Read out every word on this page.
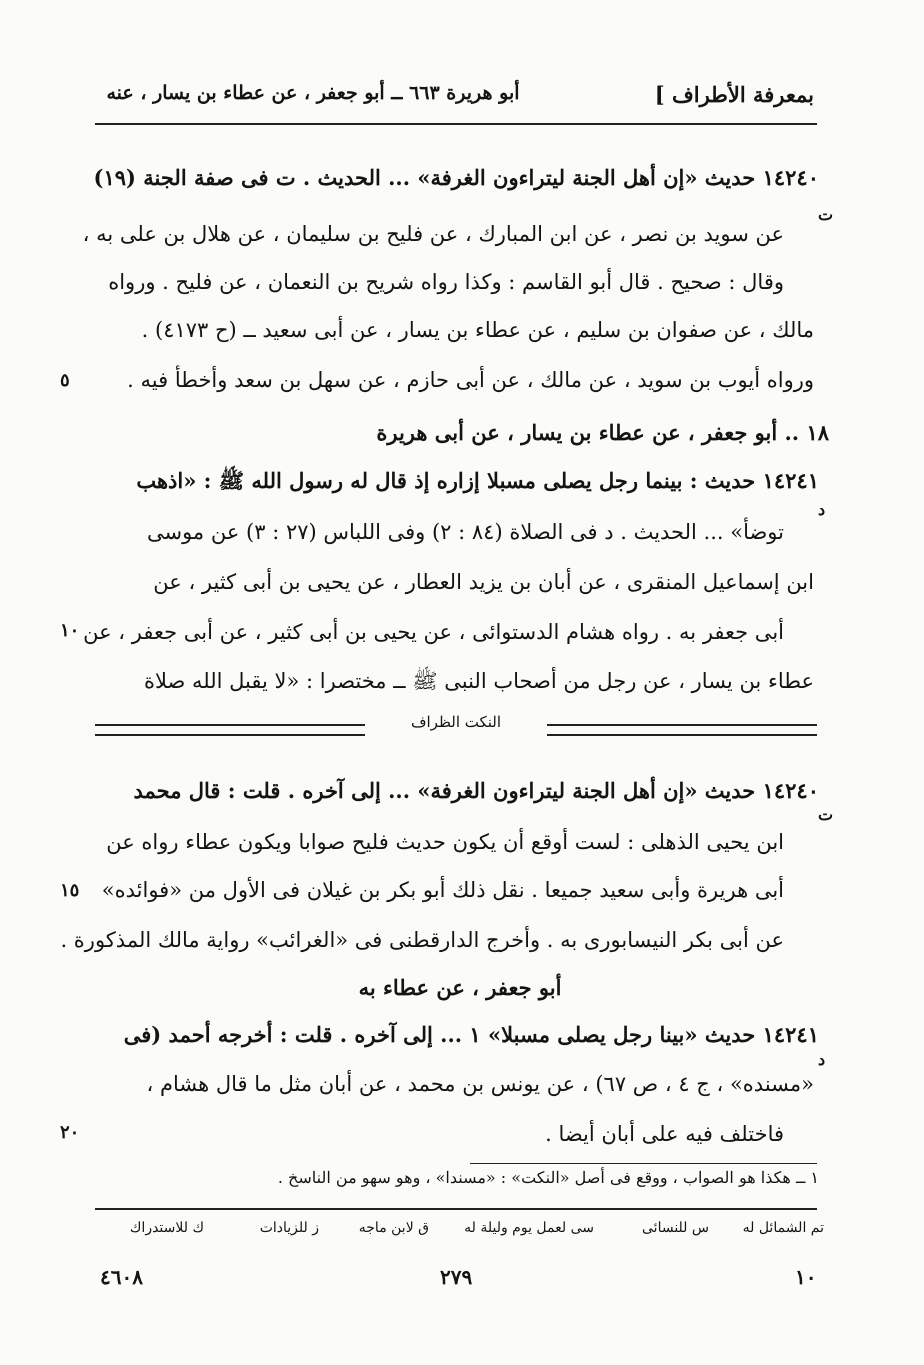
بمعرفة الأطراف ]
أبو هريرة ٦٦٣ ــ أبو جعفر ، عن عطاء بن يسار ، عنه
١٤٢٤٠ حديث «إن أهل الجنة ليتراءون الغرفة» ... الحديث . ت فى صفة الجنة (١٩)
عن سويد بن نصر ، عن ابن المبارك ، عن فليح بن سليمان ، عن هلال بن على به ،
وقال : صحيح . قال أبو القاسم : وكذا رواه شريح بن النعمان ، عن فليح . ورواه
مالك ، عن صفوان بن سليم ، عن عطاء بن يسار ، عن أبى سعيد ــ (ح ٤١٧٣) .
ورواه أيوب بن سويد ، عن مالك ، عن أبى حازم ، عن سهل بن سعد وأخطأ فيه .
١٨ .. أبو جعفر ، عن عطاء بن يسار ، عن أبى هريرة
١٤٢٤١ حديث : بينما رجل يصلى مسبلا إزاره إذ قال له رسول الله ﷺ : «اذهب
توضأ» ... الحديث . د فى الصلاة (٨٤ : ٢) وفى اللباس (٢٧ : ٣) عن موسى
ابن إسماعيل المنقرى ، عن أبان بن يزيد العطار ، عن يحيى بن أبى كثير ، عن
أبى جعفر به . رواه هشام الدستوائى ، عن يحيى بن أبى كثير ، عن أبى جعفر ، عن
عطاء بن يسار ، عن رجل من أصحاب النبى ﷺ ــ مختصرا : «لا يقبل الله صلاة
النكت الظراف
١٤٢٤٠ حديث «إن أهل الجنة ليتراءون الغرفة» ... إلى آخره . قلت : قال محمد
ابن يحيى الذهلى : لست أوقع أن يكون حديث فليح صوابا ويكون عطاء رواه عن
أبى هريرة وأبى سعيد جميعا . نقل ذلك أبو بكر بن غيلان فى الأول من «فوائده»
عن أبى بكر النيسابورى به . وأخرج الدارقطنى فى «الغرائب» رواية مالك المذكورة .
أبو جعفر ، عن عطاء به
١٤٢٤١ حديث «بينا رجل يصلى مسبلا» ١ ... إلى آخره . قلت : أخرجه أحمد (فى
«مسنده» ، ج ٤ ، ص ٦٧) ، عن يونس بن محمد ، عن أبان مثل ما قال هشام ،
فاختلف فيه على أبان أيضا .
١ ــ هكذا هو الصواب ، ووقع فى أصل «النكت» : «مسندا» ، وهو سهو من الناسخ .
تم الشمائل له
س للنسائى
سى لعمل يوم وليلة له
ق لابن ماجه
ز للزيادات
ك للاستدراك
ت
د
ت
د
٥
١٠
١٥
٢٠
٤٦٠٨	٢٧٩	١٠
